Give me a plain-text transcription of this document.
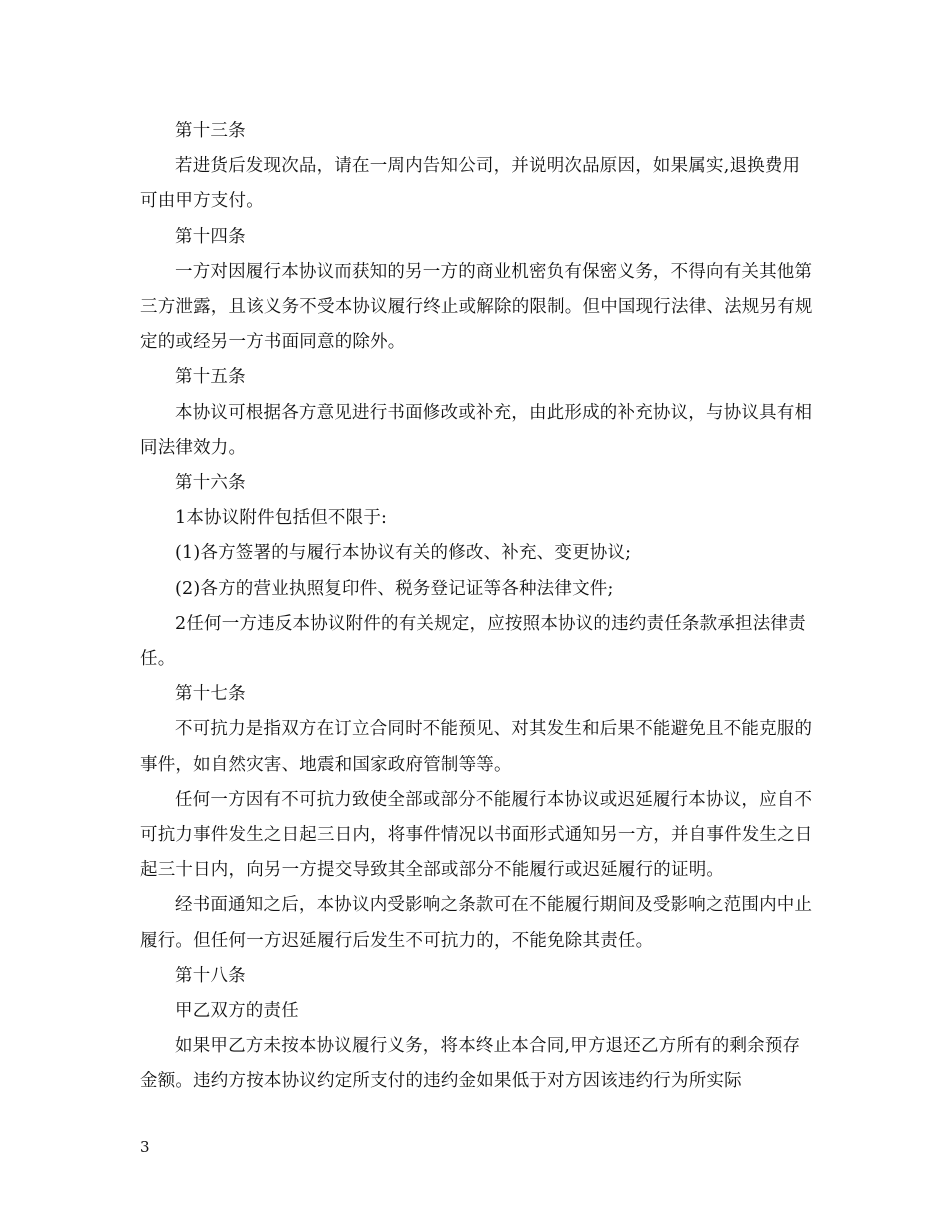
第十三条

若进货后发现次品，请在一周内告知公司，并说明次品原因，如果属实,退换费用可由甲方支付。

第十四条

一方对因履行本协议而获知的另一方的商业机密负有保密义务，不得向有关其他第三方泄露，且该义务不受本协议履行终止或解除的限制。但中国现行法律、法规另有规定的或经另一方书面同意的除外。

第十五条

本协议可根据各方意见进行书面修改或补充，由此形成的补充协议，与协议具有相同法律效力。

第十六条

1本协议附件包括但不限于:

(1)各方签署的与履行本协议有关的修改、补充、变更协议;

(2)各方的营业执照复印件、税务登记证等各种法律文件;

2任何一方违反本协议附件的有关规定，应按照本协议的违约责任条款承担法律责任。

第十七条

不可抗力是指双方在订立合同时不能预见、对其发生和后果不能避免且不能克服的事件，如自然灾害、地震和国家政府管制等等。

任何一方因有不可抗力致使全部或部分不能履行本协议或迟延履行本协议，应自不可抗力事件发生之日起三日内，将事件情况以书面形式通知另一方，并自事件发生之日起三十日内，向另一方提交导致其全部或部分不能履行或迟延履行的证明。

经书面通知之后，本协议内受影响之条款可在不能履行期间及受影响之范围内中止履行。但任何一方迟延履行后发生不可抗力的，不能免除其责任。

第十八条

甲乙双方的责任

如果甲乙方未按本协议履行义务，将本终止本合同,甲方退还乙方所有的剩余预存金额。违约方按本协议约定所支付的违约金如果低于对方因该违约行为所实际

3
